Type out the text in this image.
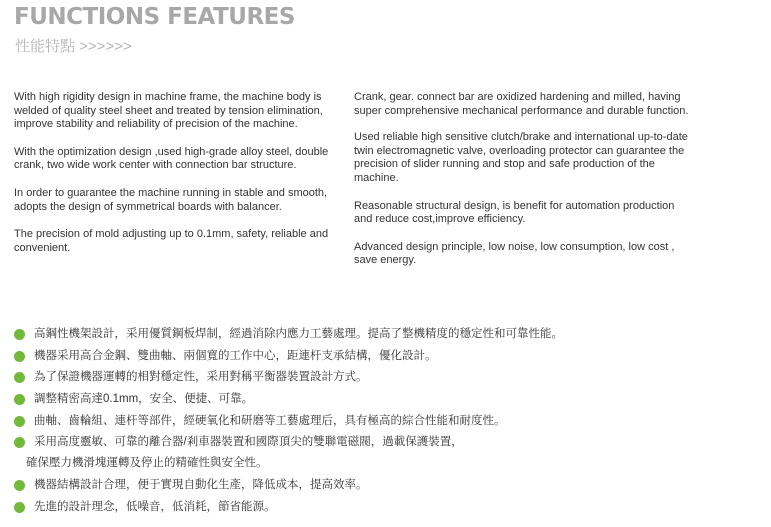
FUNCTIONS FEATURES
性能特點 >>>>>>

With high rigidity design in machine frame, the machine body is welded of quality steel sheet and treated by tension elimination, improve stability and reliability of precision of the machine.

With the optimization design ,used high-grade alloy steel, double crank, two wide work center with connection bar structure.

In order to guarantee the machine running in stable and smooth, adopts the design of symmetrical boards with balancer.

The precision of mold adjusting up to 0.1mm, safety, reliable and convenient.

Crank, gear. connect bar are oxidized hardening and milled, having super comprehensive mechanical performance and durable function.

Used reliable high sensitive clutch/brake and international up-to-date twin electromagnetic valve, overloading protector can guarantee the precision of slider running and stop and safe production of the machine.

Reasonable structural design, is benefit for automation production and reduce cost,improve efficiency.

Advanced design principle, low noise, low consumption, low cost , save energy.

高鋼性機架設計，采用優質鋼板焊制，經過消除内應力工藝處理。提高了整機精度的穩定性和可靠性能。
機器采用高合金鋼、雙曲軸、兩個寬的工作中心，距連杆支承結構，優化設計。
為了保證機器運轉的相對穩定性，采用對稱平衡器裝置設計方式。
調整精密高達0.1mm，安全、便捷、可靠。
曲軸、齒輪組、連杆等部件，經硬氧化和研磨等工藝處理后，具有極高的綜合性能和耐度性。
采用高度靈敏、可靠的離合器/剎車器裝置和國際頂尖的雙聯電磁閥，過載保護裝置，
確保壓力機滑塊運轉及停止的精確性與安全性。
機器結構設計合理，便于實現自動化生產，降低成本，提高效率。
先進的設計理念，低噪音，低消耗，節省能源。
